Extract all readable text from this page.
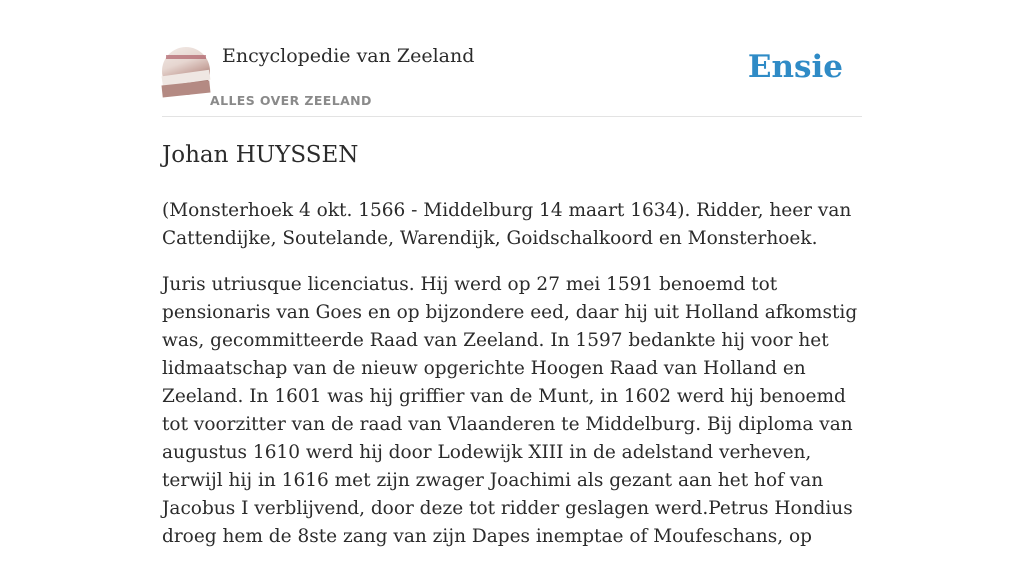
Encyclopedie van Zeeland
ALLES OVER ZEELAND
Ensie
Johan HUYSSEN

(Monsterhoek 4 okt. 1566 - Middelburg 14 maart 1634). Ridder, heer van Cattendijke, Soutelande, Warendijk, Goidschalkoord en Monsterhoek.

Juris utriusque licenciatus. Hij werd op 27 mei 1591 benoemd tot pensionaris van Goes en op bijzondere eed, daar hij uit Holland afkomstig was, gecommitteerde Raad van Zeeland. In 1597 bedankte hij voor het lidmaatschap van de nieuw opgerichte Hoogen Raad van Holland en Zeeland. In 1601 was hij griffier van de Munt, in 1602 werd hij benoemd tot voorzitter van de raad van Vlaanderen te Middelburg. Bij diploma van augustus 1610 werd hij door Lodewijk XIII in de adelstand verheven, terwijl hij in 1616 met zijn zwager Joachimi als gezant aan het hof van Jacobus I verblijvend, door deze tot ridder geslagen werd.Petrus Hondius droeg hem de 8ste zang van zijn Dapes inemptae of Moufeschans, op
